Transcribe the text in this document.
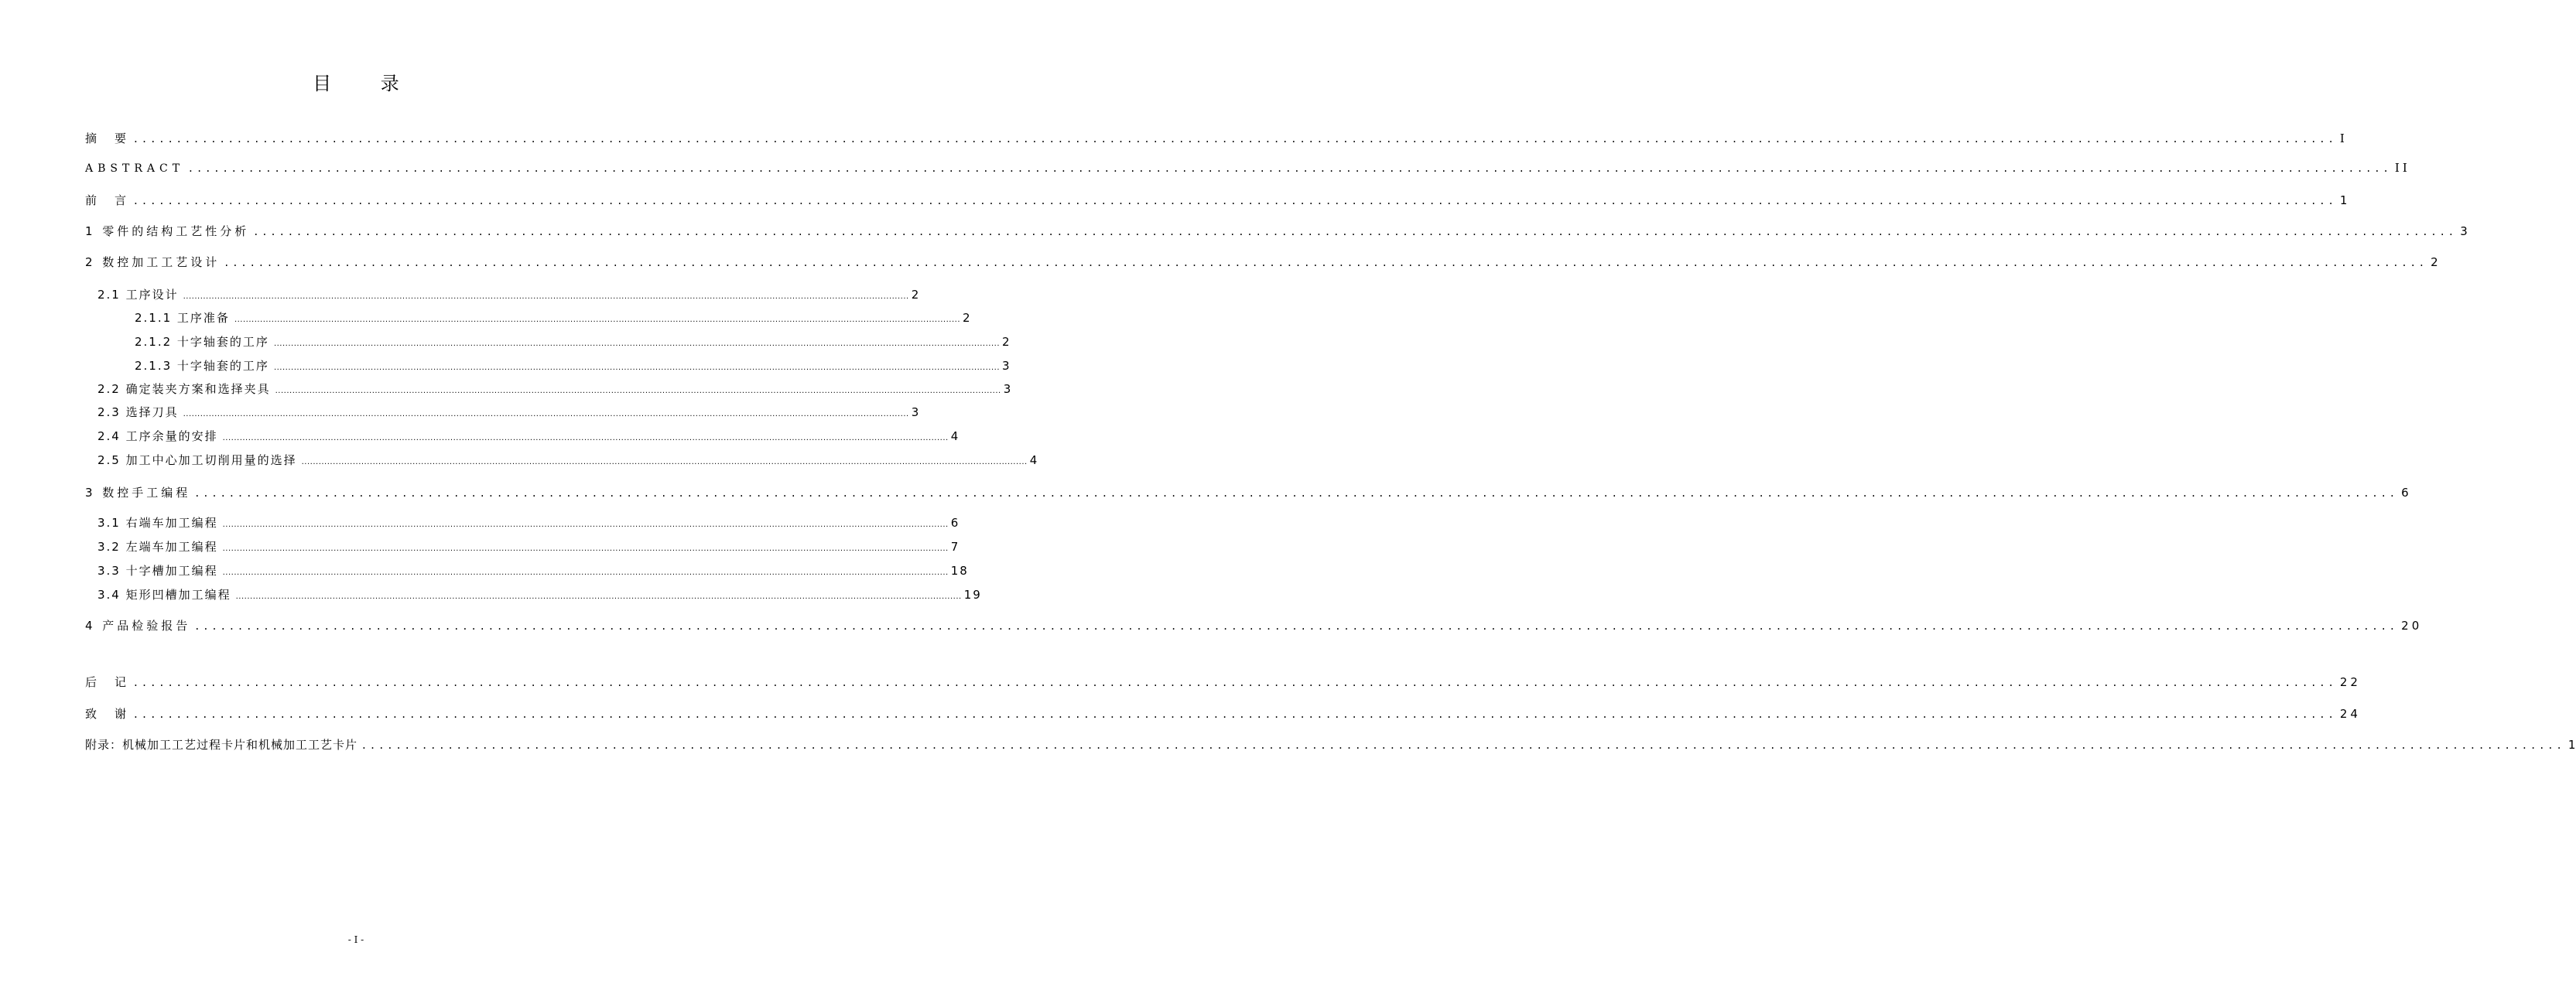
目 录
摘　要 ............................................................................................................................................................................................................................................................... I
ABSTRACT ............................................................................................................................................................................................................................................................... II
前　言 ............................................................................................................................................................................................................................................................... 1
1 零件的结构工艺性分析 ............................................................................................................................................................................................................................................................... 3
2 数控加工工艺设计 ............................................................................................................................................................................................................................................................... 2
2.1 工序设计 ............................................................................................................................................................................................................................................................... 2
2.1.1 工序准备 ............................................................................................................................................................................................................................................................... 2
2.1.2 十字轴套的工序 ............................................................................................................................................................................................................................................................... 2
2.1.3 十字轴套的工序 ............................................................................................................................................................................................................................................................... 3
2.2 确定装夹方案和选择夹具 ............................................................................................................................................................................................................................................................... 3
2.3 选择刀具 ............................................................................................................................................................................................................................................................... 3
2.4 工序余量的安排 ............................................................................................................................................................................................................................................................... 4
2.5 加工中心加工切削用量的选择 ............................................................................................................................................................................................................................................................... 4
3 数控手工编程 ............................................................................................................................................................................................................................................................... 6
3.1 右端车加工编程 ............................................................................................................................................................................................................................................................... 6
3.2 左端车加工编程 ............................................................................................................................................................................................................................................................... 7
3.3 十字槽加工编程 ............................................................................................................................................................................................................................................................... 18
3.4 矩形凹槽加工编程 ............................................................................................................................................................................................................................................................... 19
4 产品检验报告 ............................................................................................................................................................................................................................................................... 20
后　记 ............................................................................................................................................................................................................................................................... 22
致　谢 ............................................................................................................................................................................................................................................................... 24
附录：机械加工工艺过程卡片和机械加工工艺卡片 ............................................................................................................................................................................................................................................................... 1
- I -
